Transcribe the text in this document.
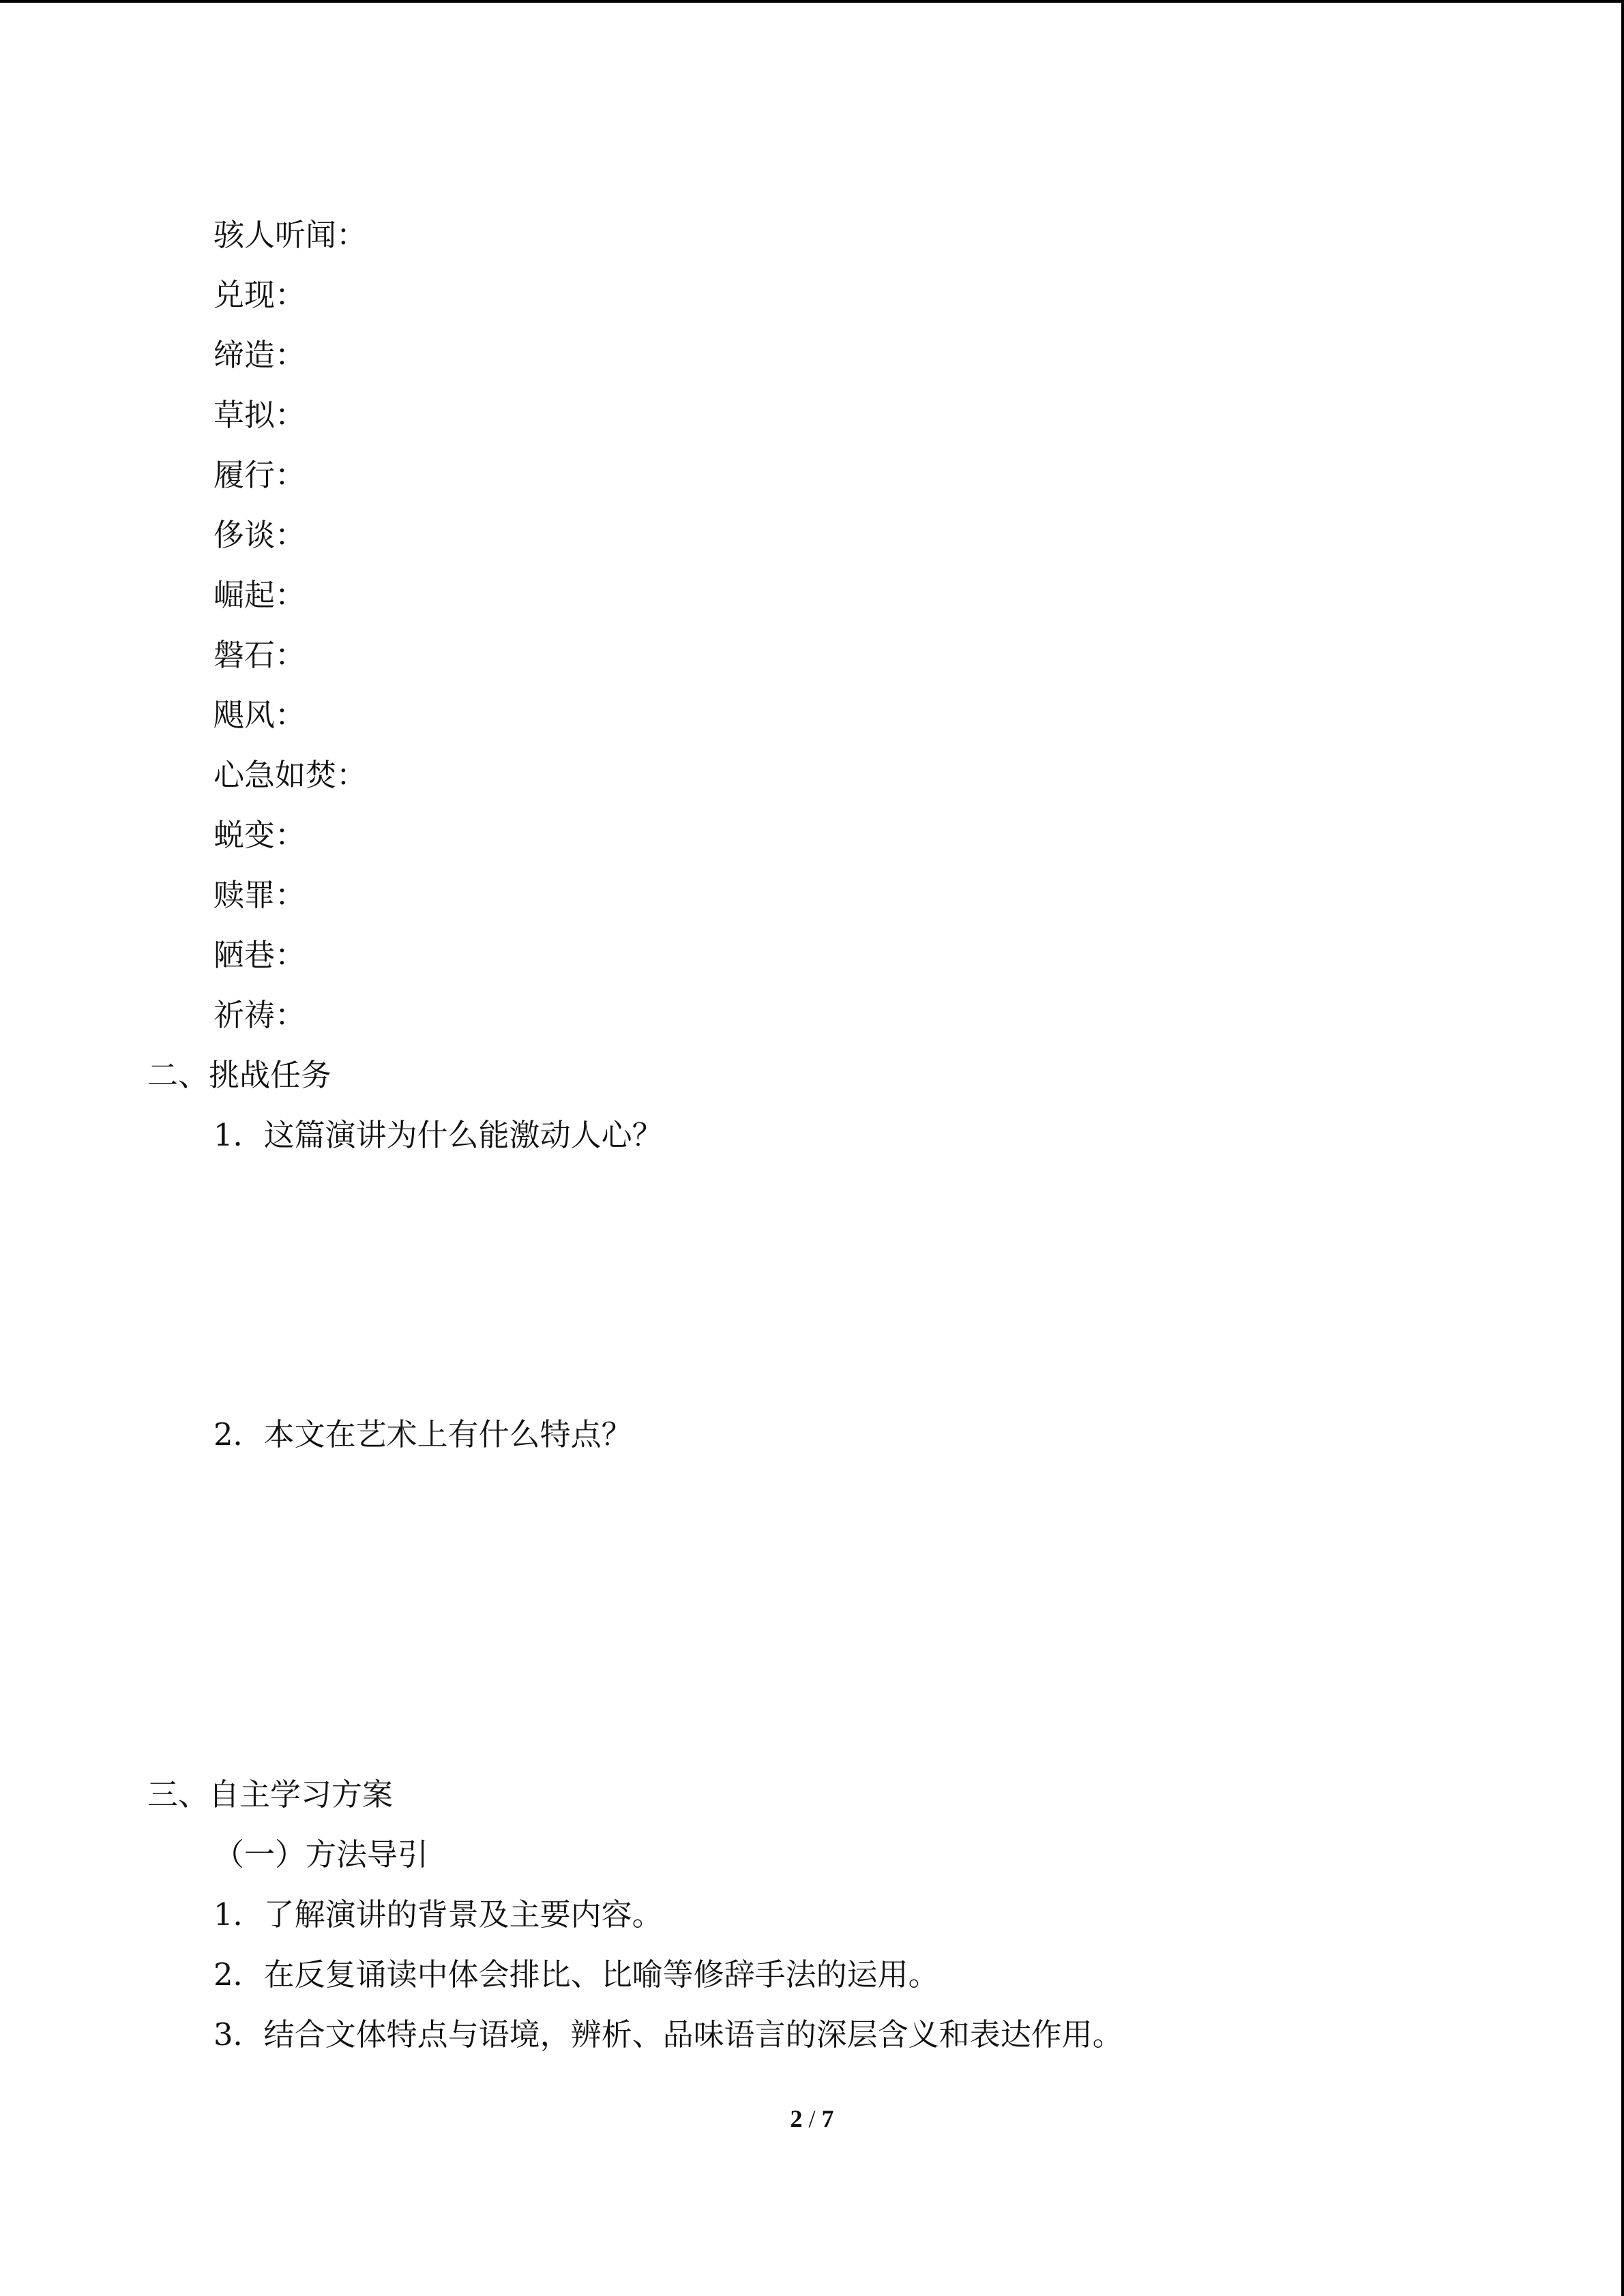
骇人听闻：
兑现：
缔造：
草拟：
履行：
侈谈：
崛起：
磐石：
飓风：
心急如焚：
蜕变：
赎罪：
陋巷：
祈祷：
二、挑战任务
1．这篇演讲为什么能激动人心？
2．本文在艺术上有什么特点？
三、自主学习方案
（一）方法导引
1．了解演讲的背景及主要内容。
2．在反复诵读中体会排比、比喻等修辞手法的运用。
3．结合文体特点与语境，辨析、品味语言的深层含义和表达作用。
2 / 7
